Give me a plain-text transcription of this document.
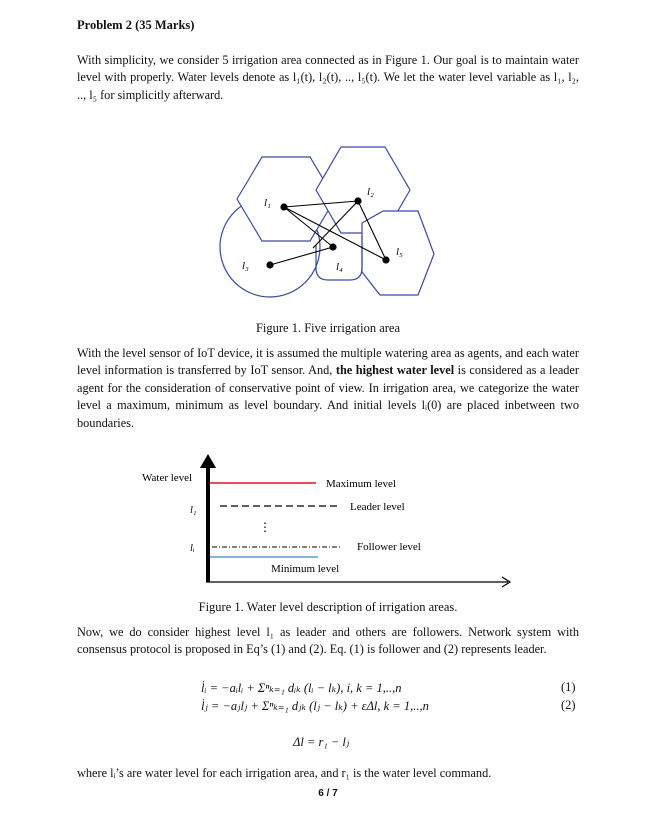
Problem 2 (35 Marks)
With simplicity, we consider 5 irrigation area connected as in Figure 1. Our goal is to maintain water level with properly. Water levels denote as l₁(t), l₂(t), .., l₅(t). We let the water level variable as l₁, l₂, .., l₅ for simplicitly afterward.
l₁
l₂
l₃	l₄
l₅
Figure 1. Five irrigation area
With the level sensor of IoT device, it is assumed the multiple watering area as agents, and each water level information is transferred by IoT sensor. And, the highest water level is considered as a leader agent for the consideration of conservative point of view. In irrigation area, we categorize the water level a maximum, minimum as level boundary. And initial levels lᵢ(0) are placed inbetween two boundaries.
Water level
l₁
⋮
lᵢ
Maximum level
Leader level
Follower level
Minimum level
Figure 1. Water level description of irrigation areas.
Now, we do consider highest level l₁ as leader and others are followers. Network system with consensus protocol is proposed in Eq’s (1) and (2). Eq. (1) is follower and (2) represents leader.
l̇ᵢ = −aᵢlᵢ + Σⁿₖ₌₁ dᵢₖ (lᵢ − lₖ), i, k = 1,..,n	(1)
l̇ⱼ = −aⱼlⱼ + Σⁿₖ₌₁ dⱼₖ (lⱼ − lₖ) + εΔl, k = 1,..,n	(2)
Δl = r₁ − lⱼ
where lᵢ’s are water level for each irrigation area, and r₁ is the water level command.
6 / 7
